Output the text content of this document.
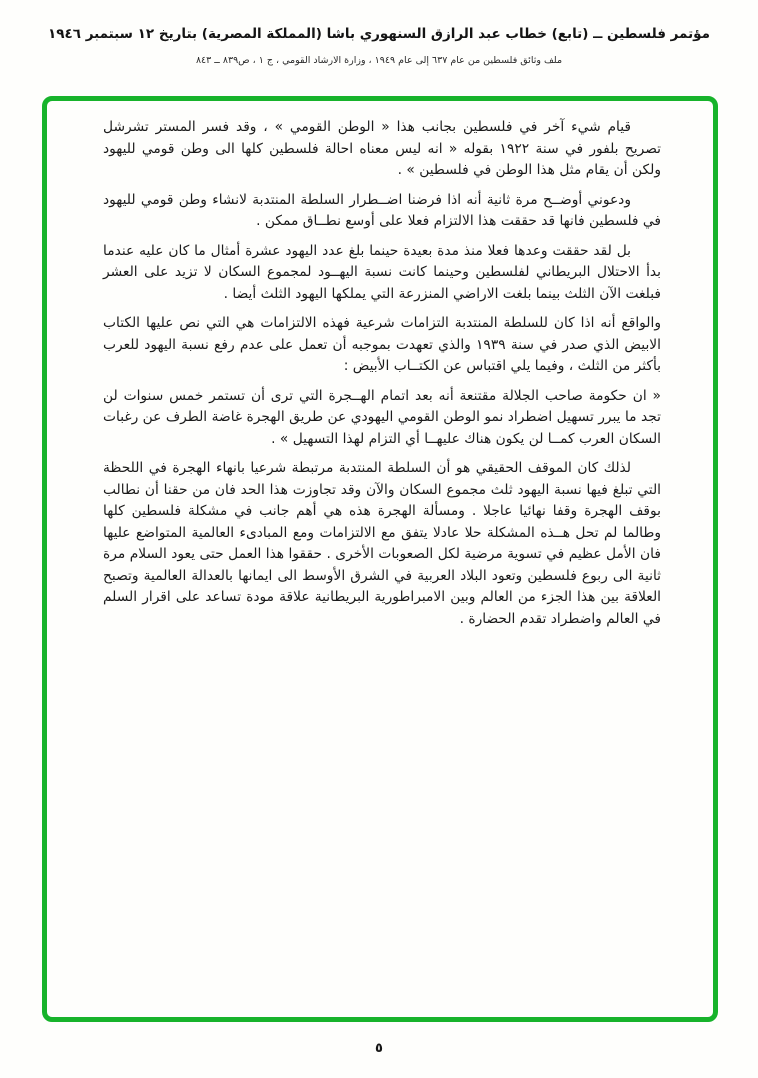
مؤتمر فلسطين ــ (تابع) خطاب عبد الرازق السنهوري باشا (المملكة المصرية) بتاريخ ١٢ سبتمبر ١٩٤٦
ملف وثائق فلسطين من عام ٦٣٧ إلى عام ١٩٤٩ ، وزارة الارشاد القومي ، ج ١ ، ص٨٣٩ ــ ٨٤٣

قيام شيء آخر في فلسطين بجانب هذا « الوطن القومي » ، وقد فسر المستر تشرشل تصريح بلفور في سنة ١٩٢٢ بقوله « انه ليس معناه احالة فلسطين كلها الى وطن قومي لليهود ولكن أن يقام مثل هذا الوطن في فلسطين » .

ودعوني أوضــح مرة ثانية أنه اذا فرضنا اضــطرار السلطة المنتدبة لانشاء وطن قومي لليهود في فلسطين فانها قد حققت هذا الالتزام فعلا على أوسع نطــاق ممكن .

بل لقد حققت وعدها فعلا منذ مدة بعيدة حينما بلغ عدد اليهود عشرة أمثال ما كان عليه عندما بدأ الاحتلال البريطاني لفلسطين وحينما كانت نسبة اليهــود لمجموع السكان لا تزيد على العشر فبلغت الآن الثلث بينما بلغت الاراضي المنزرعة التي يملكها اليهود الثلث أيضا .

والواقع أنه اذا كان للسلطة المنتدبة التزامات شرعية فهذه الالتزامات هي التي نص عليها الكتاب الابيض الذي صدر في سنة ١٩٣٩ والذي تعهدت بموجبه أن تعمل على عدم رفع نسبة اليهود للعرب بأكثر من الثلث ، وفيما يلي اقتباس عن الكتــاب الأبيض :

« ان حكومة صاحب الجلالة مقتنعة أنه بعد اتمام الهــجرة التي ترى أن تستمر خمس سنوات لن تجد ما يبرر تسهيل اضطراد نمو الوطن القومي اليهودي عن طريق الهجرة غاضة الطرف عن رغبات السكان العرب كمــا لن يكون هناك عليهــا أي التزام لهذا التسهيل » .

لذلك كان الموقف الحقيقي هو أن السلطة المنتدبة مرتبطة شرعيا بانهاء الهجرة في اللحظة التي تبلغ فيها نسبة اليهود ثلث مجموع السكان والآن وقد تجاوزت هذا الحد فان من حقنا أن نطالب بوقف الهجرة وقفا نهائيا عاجلا . ومسألة الهجرة هذه هي أهم جانب في مشكلة فلسطين كلها وطالما لم تحل هــذه المشكلة حلا عادلا يتفق مع الالتزامات ومع المبادىء العالمية المتواضع عليها فان الأمل عظيم في تسوية مرضية لكل الصعوبات الأخرى . حققوا هذا العمل حتى يعود السلام مرة ثانية الى ربوع فلسطين وتعود البلاد العربية في الشرق الأوسط الى ايمانها بالعدالة العالمية وتصبح العلاقة بين هذا الجزء من العالم وبين الامبراطورية البريطانية علاقة مودة تساعد على اقرار السلم في العالم واضطراد تقدم الحضارة .

٥
